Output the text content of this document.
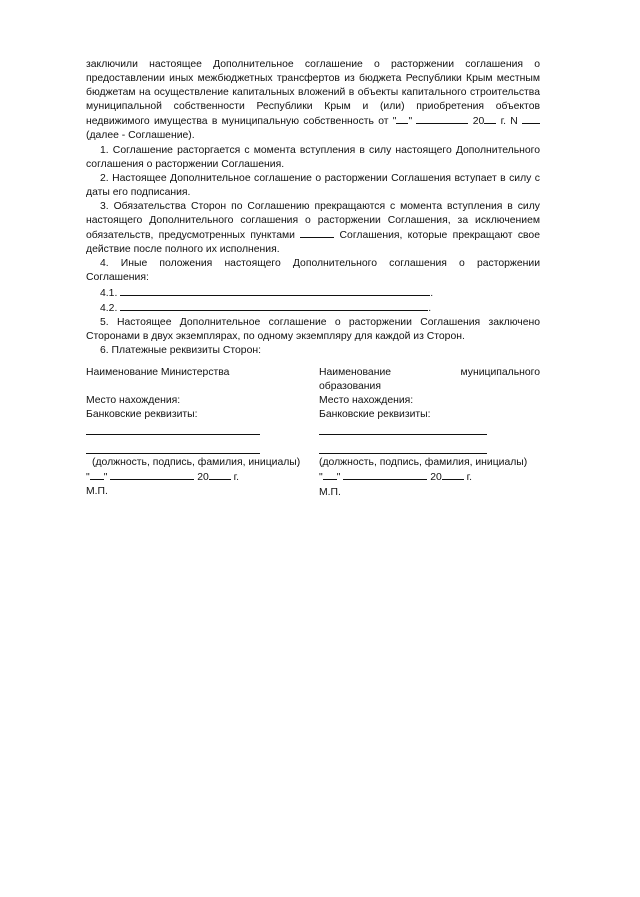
заключили настоящее Дополнительное соглашение о расторжении соглашения о предоставлении иных межбюджетных трансфертов из бюджета Республики Крым местным бюджетам на осуществление капитальных вложений в объекты капитального строительства муниципальной собственности Республики Крым и (или) приобретения объектов недвижимого имущества в муниципальную собственность от " "	20 г. N  (далее - Соглашение).
1. Соглашение расторгается с момента вступления в силу настоящего Дополнительного соглашения о расторжении Соглашения.
2. Настоящее Дополнительное соглашение о расторжении Соглашения вступает в силу с даты его подписания.
3. Обязательства Сторон по Соглашению прекращаются с момента вступления в силу настоящего Дополнительного соглашения о расторжении Соглашения, за исключением обязательств, предусмотренных пунктами	Соглашения, которые прекращают свое действие после полного их исполнения.
4. Иные положения настоящего Дополнительного соглашения о расторжении Соглашения:
4.1.	.
4.2.	.
5. Настоящее Дополнительное соглашение о расторжении Соглашения заключено Сторонами в двух экземплярах, по одному экземпляру для каждой из Сторон.
6. Платежные реквизиты Сторон:
Наименование Министерства
Место нахождения:
Банковские реквизиты:
(должность, подпись, фамилия, инициалы)
" "	20 г.
М.П.
Наименование	муниципального
образования
Место нахождения:
Банковские реквизиты:
(должность, подпись, фамилия, инициалы)
" "	20 г.
М.П.
